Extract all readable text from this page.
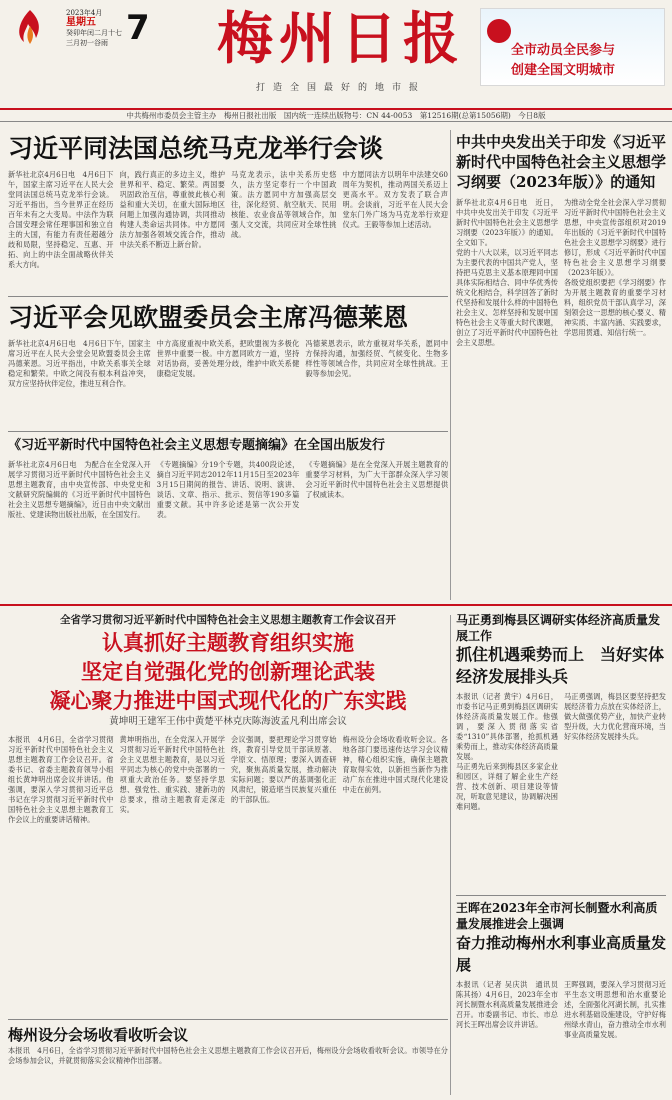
2023年4月
星期五
癸卯年闰二月十七
三月初一谷雨 7	梅州日报
打造全国最好的地市报
全市动员全民参与
创建全国文明城市
中共梅州市委员会主管主办　梅州日报社出版　国内统一连续出版物号：CN 44-0053　第12516期(总第15056期)　今日8版
习近平同法国总统马克龙举行会谈
新华社北京4月6日电　4月6日下午，国家主席习近平在人民大会堂同法国总统马克龙举行会谈。习近平指出，当今世界正在经历百年未有之大变局。中法作为联合国安理会常任理事国和独立自主的大国，有能力有责任超越分歧和局限，坚持稳定、互惠、开拓、向上的中法全面战略伙伴关系大方向。
向，践行真正的多边主义，维护世界和平、稳定、繁荣。两国要巩固政治互信，尊重彼此核心利益和重大关切，在重大国际地区问题上加强沟通协调，共同推动构建人类命运共同体。中方愿同法方加强各领域交流合作，推动中法关系不断迈上新台阶。
马克龙表示，法中关系历史悠久，法方坚定奉行一个中国政策。法方愿同中方加强高层交往，深化经贸、航空航天、民用核能、农业食品等领域合作，加强人文交流，共同应对全球性挑战。
中方愿同法方以明年中法建交60周年为契机，推动两国关系迈上更高水平。双方发表了联合声明。会谈前，习近平在人民大会堂东门外广场为马克龙举行欢迎仪式。王毅等参加上述活动。
习近平会见欧盟委员会主席冯德莱恩
新华社北京4月6日电　4月6日下午，国家主席习近平在人民大会堂会见欧盟委员会主席冯德莱恩。习近平指出，中欧关系事关全球稳定和繁荣。中欧之间没有根本利益冲突，双方应坚持伙伴定位，推进互利合作。
中方高度重视中欧关系，把欧盟视为多极化世界中重要一极。中方愿同欧方一道，坚持对话协商，妥善处理分歧，维护中欧关系健康稳定发展。
冯德莱恩表示，欧方重视对华关系，愿同中方保持沟通，加强经贸、气候变化、生物多样性等领域合作，共同应对全球性挑战。王毅等参加会见。
《习近平新时代中国特色社会主义思想专题摘编》在全国出版发行
新华社北京4月6日电　为配合在全党深入开展学习贯彻习近平新时代中国特色社会主义思想主题教育，由中央宣传部、中央党史和文献研究院编辑的《习近平新时代中国特色社会主义思想专题摘编》，近日由中央文献出版社、党建读物出版社出版，在全国发行。
《专题摘编》分19个专题，共400段论述，摘自习近平同志2012年11月15日至2023年3月15日期间的报告、讲话、说明、演讲、谈话、文章、指示、批示、贺信等190多篇重要文献。其中许多论述是第一次公开发表。
《专题摘编》是在全党深入开展主题教育的重要学习材料，为广大干部群众深入学习领会习近平新时代中国特色社会主义思想提供了权威读本。
中共中央发出关于印发《习近平新时代中国特色社会主义思想学习纲要（2023年版）》的通知

新华社北京4月6日电　近日，中共中央发出关于印发《习近平新时代中国特色社会主义思想学习纲要（2023年版）》的通知。全文如下。

党的十八大以来，以习近平同志为主要代表的中国共产党人，坚持把马克思主义基本原理同中国具体实际相结合、同中华优秀传统文化相结合，科学回答了新时代坚持和发展什么样的中国特色社会主义、怎样坚持和发展中国特色社会主义等重大时代课题，创立了习近平新时代中国特色社会主义思想。

为推动全党全社会深入学习贯彻习近平新时代中国特色社会主义思想，中央宣传部组织对2019年出版的《习近平新时代中国特色社会主义思想学习纲要》进行修订，形成《习近平新时代中国特色社会主义思想学习纲要（2023年版）》。

各级党组织要把《学习纲要》作为开展主题教育的重要学习材料，组织党员干部认真学习，深刻领会这一思想的核心要义、精神实质、丰富内涵、实践要求，学思用贯通、知信行统一。

全省学习贯彻习近平新时代中国特色社会主义思想主题教育工作会议召开
认真抓好主题教育组织实施
坚定自觉强化党的创新理论武装
凝心聚力推进中国式现代化的广东实践
黄坤明王建军王伟中黄楚平林克庆陈海波孟凡利出席会议
本报讯　4月6日，全省学习贯彻习近平新时代中国特色社会主义思想主题教育工作会议召开。省委书记、省委主题教育领导小组组长黄坤明出席会议并讲话。他强调，要深入学习贯彻习近平总书记在学习贯彻习近平新时代中国特色社会主义思想主题教育工作会议上的重要讲话精神。
黄坤明指出，在全党深入开展学习贯彻习近平新时代中国特色社会主义思想主题教育，是以习近平同志为核心的党中央部署的一项重大政治任务。要坚持学思想、强党性、重实践、建新功的总要求，推动主题教育走深走实。
会议强调，要把理论学习贯穿始终，教育引导党员干部读原著、学原文、悟原理；要深入调查研究，聚焦高质量发展，推动解决实际问题；要以严的基调强化正风肃纪，锻造堪当民族复兴重任的干部队伍。
梅州设分会场收看收听会议。各地各部门要迅速传达学习会议精神，精心组织实施，确保主题教育取得实效，以新担当新作为推动广东在推进中国式现代化建设中走在前列。
梅州设分会场收看收听会议
本报讯　4月6日，全省学习贯彻习近平新时代中国特色社会主义思想主题教育工作会议召开后，梅州设分会场收看收听会议。市领导在分会场参加会议，并就贯彻落实会议精神作出部署。
马正勇到梅县区调研实体经济高质量发展工作
抓住机遇乘势而上　当好实体经济发展排头兵

本报讯（记者 黄宇）4月6日，市委书记马正勇到梅县区调研实体经济高质量发展工作。他强调，要深入贯彻落实省委“1310”具体部署，抢抓机遇乘势而上，推动实体经济高质量发展。

马正勇先后来到梅县区多家企业和园区，详细了解企业生产经营、技术创新、项目建设等情况，听取意见建议，协调解决困难问题。

马正勇强调，梅县区要坚持把发展经济着力点放在实体经济上，做大做强优势产业，加快产业转型升级，大力优化营商环境，当好实体经济发展排头兵。

王晖在2023年全市河长制暨水利高质量发展推进会上强调
奋力推动梅州水利事业高质量发展
本报讯（记者 吴庆洪　通讯员 陈其扬）4月6日，2023年全市河长制暨水利高质量发展推进会召开。市委副书记、市长、市总河长王晖出席会议并讲话。
王晖强调，要深入学习贯彻习近平生态文明思想和治水重要论述，全面强化河湖长制，扎实推进水利基础设施建设，守护好梅州绿水青山，奋力推动全市水利事业高质量发展。
